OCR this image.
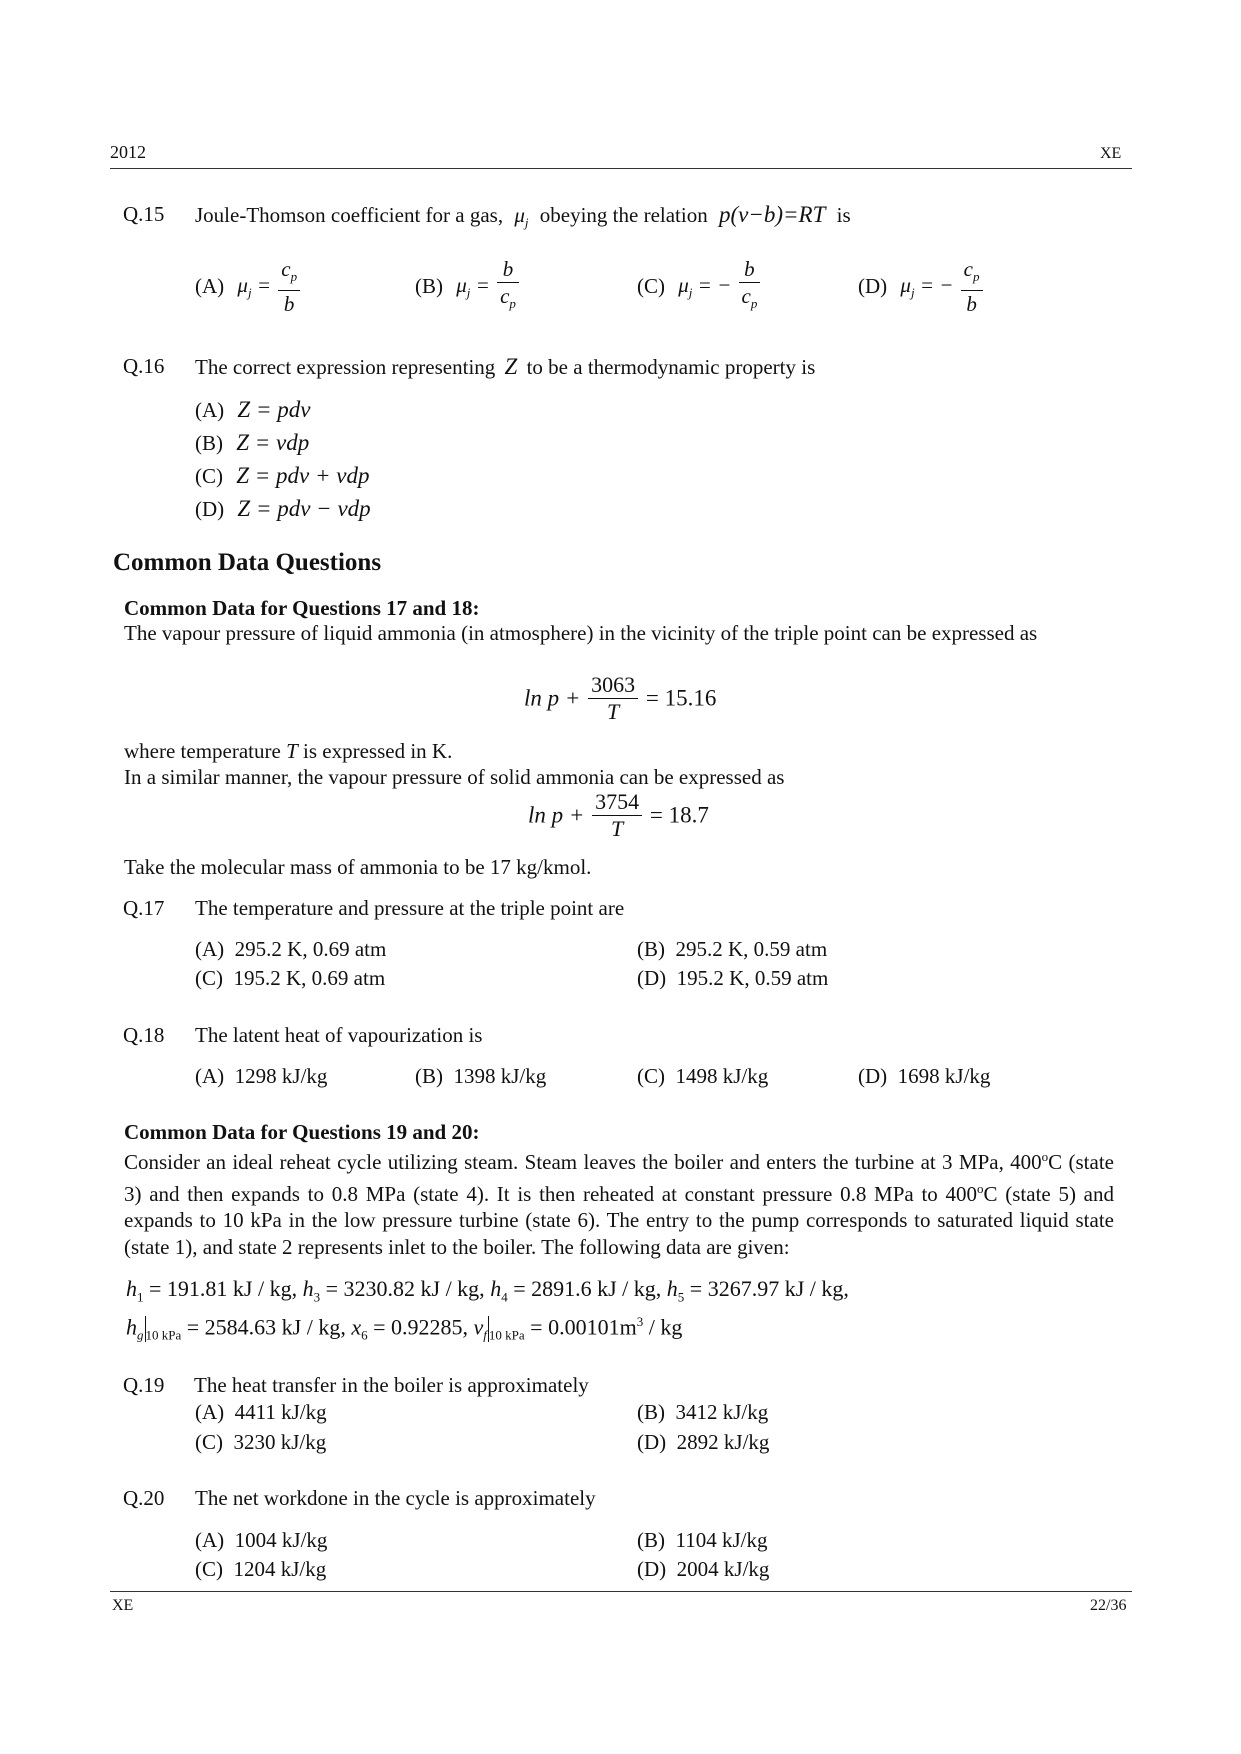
2012	XE
Q.15 Joule-Thomson coefficient for a gas, $\mu_j$ obeying the relation p(v−b)=RT is
(A) $\mu_j = \frac{c_p}{b}$	(B) $\mu_j = \frac{b}{c_p}$	(C) $\mu_j$ = − $\frac{b}{c_p}$	(D) $\mu_j$ = − $\frac{c_p}{b}$
Q.16 The correct expression representing Z to be a thermodynamic property is
(A) Z = pdv
(B) Z = vdp
(C) Z = pdv + vdp
(D) Z = pdv − vdp
Common Data Questions
Common Data for Questions 17 and 18:
The vapour pressure of liquid ammonia (in atmosphere) in the vicinity of the triple point can be expressed as
$\ln p + \frac{3063}{T} = 15.16$
where temperature T is expressed in K.
In a similar manner, the vapour pressure of solid ammonia can be expressed as
$\ln p + \frac{3754}{T} = 18.7$
Take the molecular mass of ammonia to be 17 kg/kmol.
Q.17 The temperature and pressure at the triple point are
(A) 295.2 K, 0.69 atm	(B) 295.2 K, 0.59 atm
(C) 195.2 K, 0.69 atm	(D) 195.2 K, 0.59 atm
Q.18 The latent heat of vapourization is
(A) 1298 kJ/kg	(B) 1398 kJ/kg	(C) 1498 kJ/kg	(D) 1698 kJ/kg
Common Data for Questions 19 and 20:
Consider an ideal reheat cycle utilizing steam. Steam leaves the boiler and enters the turbine at 3 MPa, 400$^o$C (state 3) and then expands to 0.8 MPa (state 4). It is then reheated at constant pressure 0.8 MPa to 400$^o$C (state 5) and expands to 10 kPa in the low pressure turbine (state 6). The entry to the pump corresponds to saturated liquid state (state 1), and state 2 represents inlet to the boiler. The following data are given:
$h_1 = 191.81$ kJ / kg, $h_3 = 3230.82$ kJ / kg, $h_4 = 2891.6$ kJ / kg, $h_5 = 3267.97$ kJ / kg,
$h_g$ $_{10 kPa}$ = 2584.63 kJ / kg, $x_6 = 0.92285$, $v_f$ $_{10 kPa} = 0.00101m^3$ / kg
Q.19 The heat transfer in the boiler is approximately
(A) 4411 kJ/kg	(B) 3412 kJ/kg
(C) 3230 kJ/kg	(D) 2892 kJ/kg
Q.20 The net workdone in the cycle is approximately
(A) 1004 kJ/kg	(B) 1104 kJ/kg
(C) 1204 kJ/kg	(D) 2004 kJ/kg
XE	22/36
